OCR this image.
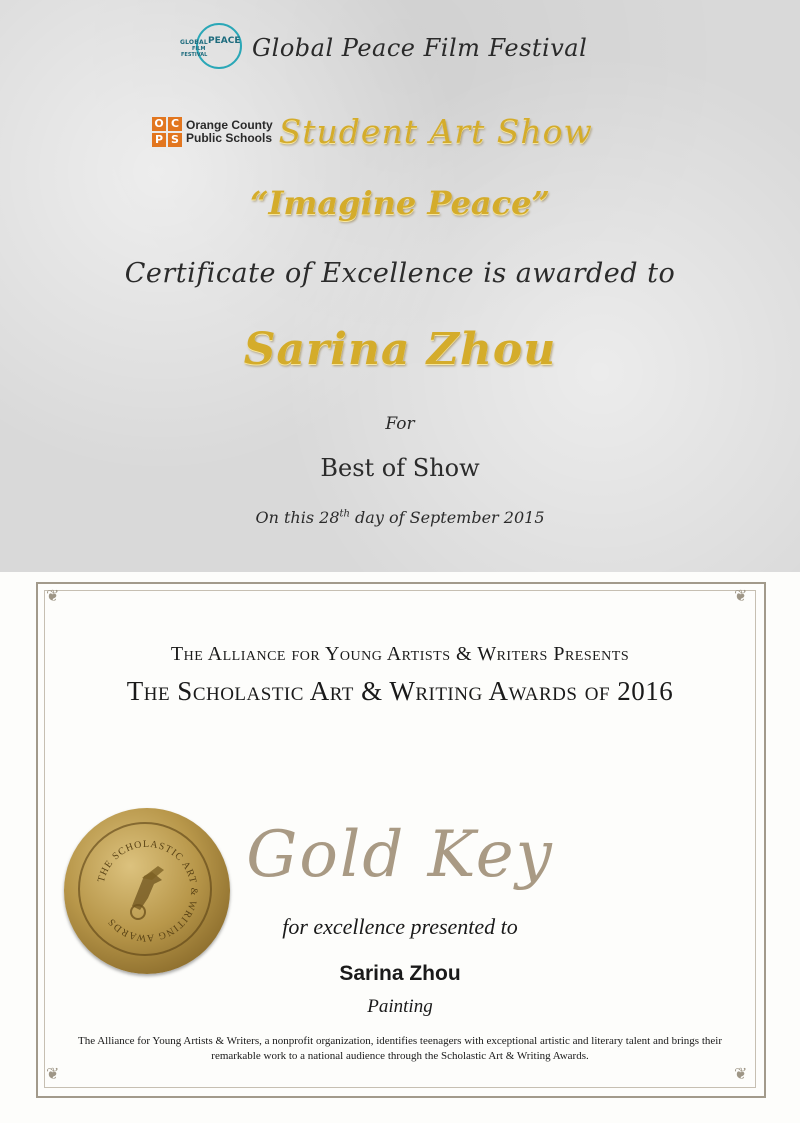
GLOBAL PEACE
FILM
FESTIVAL Global Peace Film Festival
O C
P S
Orange County
Public Schools Student Art Show
“Imagine Peace”
Certificate of Excellence is awarded to
Sarina Zhou
For
Best of Show
On this 28th day of September 2015
❦	❦
❦	❦
The Alliance for Young Artists & Writers Presents
The Scholastic Art & Writing Awards of 2016
THE SCHOLASTIC ART & WRITING AWARDS
Gold Key
for excellence presented to
Sarina Zhou
Painting
The Alliance for Young Artists & Writers, a nonprofit organization, identifies teenagers with exceptional artistic and literary talent and brings their remarkable work to a national audience through the Scholastic Art & Writing Awards.
